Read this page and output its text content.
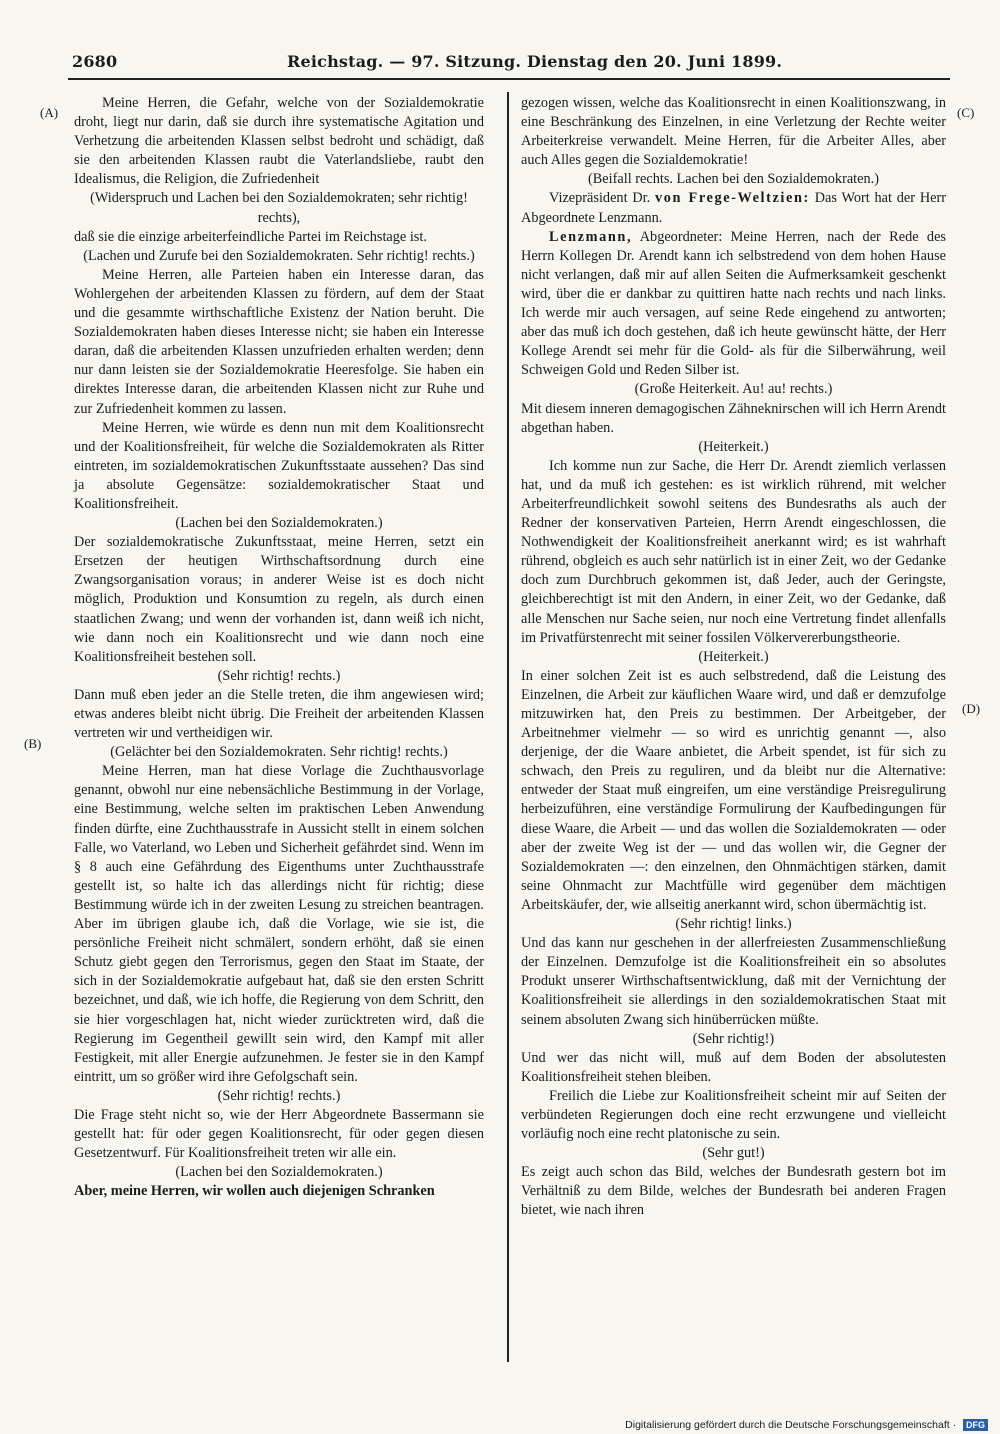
2680	Reichstag. — 97. Sitzung. Dienstag den 20. Juni 1899.
(A)
(B)
(C)
(D)

Meine Herren, die Gefahr, welche von der Sozialdemokratie droht, liegt nur darin, daß sie durch ihre systematische Agitation und Verhetzung die arbeitenden Klassen selbst bedroht und schädigt, daß sie den arbeitenden Klassen raubt die Vaterlandsliebe, raubt den Idealismus, die Religion, die Zufriedenheit

(Widerspruch und Lachen bei den Sozialdemokraten; sehr richtig! rechts),

daß sie die einzige arbeiterfeindliche Partei im Reichstage ist.

(Lachen und Zurufe bei den Sozialdemokraten. Sehr richtig! rechts.)

Meine Herren, alle Parteien haben ein Interesse daran, das Wohlergehen der arbeitenden Klassen zu fördern, auf dem der Staat und die gesammte wirthschaftliche Existenz der Nation beruht. Die Sozialdemokraten haben dieses Interesse nicht; sie haben ein Interesse daran, daß die arbeitenden Klassen unzufrieden erhalten werden; denn nur dann leisten sie der Sozialdemokratie Heeresfolge. Sie haben ein direktes Interesse daran, die arbeitenden Klassen nicht zur Ruhe und zur Zufriedenheit kommen zu lassen.

Meine Herren, wie würde es denn nun mit dem Koalitionsrecht und der Koalitionsfreiheit, für welche die Sozialdemokraten als Ritter eintreten, im sozialdemokratischen Zukunftsstaate aussehen? Das sind ja absolute Gegensätze: sozialdemokratischer Staat und Koalitionsfreiheit.

(Lachen bei den Sozialdemokraten.)

Der sozialdemokratische Zukunftsstaat, meine Herren, setzt ein Ersetzen der heutigen Wirthschaftsordnung durch eine Zwangsorganisation voraus; in anderer Weise ist es doch nicht möglich, Produktion und Konsumtion zu regeln, als durch einen staatlichen Zwang; und wenn der vorhanden ist, dann weiß ich nicht, wie dann noch ein Koalitionsrecht und wie dann noch eine Koalitionsfreiheit bestehen soll.

(Sehr richtig! rechts.)

Dann muß eben jeder an die Stelle treten, die ihm angewiesen wird; etwas anderes bleibt nicht übrig. Die Freiheit der arbeitenden Klassen vertreten wir und vertheidigen wir.

(Gelächter bei den Sozialdemokraten. Sehr richtig! rechts.)

Meine Herren, man hat diese Vorlage die Zuchthausvorlage genannt, obwohl nur eine nebensächliche Bestimmung in der Vorlage, eine Bestimmung, welche selten im praktischen Leben Anwendung finden dürfte, eine Zuchthausstrafe in Aussicht stellt in einem solchen Falle, wo Vaterland, wo Leben und Sicherheit gefährdet sind. Wenn im § 8 auch eine Gefährdung des Eigenthums unter Zuchthausstrafe gestellt ist, so halte ich das allerdings nicht für richtig; diese Bestimmung würde ich in der zweiten Lesung zu streichen beantragen. Aber im übrigen glaube ich, daß die Vorlage, wie sie ist, die persönliche Freiheit nicht schmälert, sondern erhöht, daß sie einen Schutz giebt gegen den Terrorismus, gegen den Staat im Staate, der sich in der Sozialdemokratie aufgebaut hat, daß sie den ersten Schritt bezeichnet, und daß, wie ich hoffe, die Regierung von dem Schritt, den sie hier vorgeschlagen hat, nicht wieder zurücktreten wird, daß die Regierung im Gegentheil gewillt sein wird, den Kampf mit aller Festigkeit, mit aller Energie aufzunehmen. Je fester sie in den Kampf eintritt, um so größer wird ihre Gefolgschaft sein.

(Sehr richtig! rechts.)

Die Frage steht nicht so, wie der Herr Abgeordnete Bassermann sie gestellt hat: für oder gegen Koalitionsrecht, für oder gegen diesen Gesetzentwurf. Für Koalitionsfreiheit treten wir alle ein.

(Lachen bei den Sozialdemokraten.)

Aber, meine Herren, wir wollen auch diejenigen Schranken

gezogen wissen, welche das Koalitionsrecht in einen Koalitionszwang, in eine Beschränkung des Einzelnen, in eine Verletzung der Rechte weiter Arbeiterkreise verwandelt. Meine Herren, für die Arbeiter Alles, aber auch Alles gegen die Sozialdemokratie!

(Beifall rechts. Lachen bei den Sozialdemokraten.)

Vizepräsident Dr. von Frege-Weltzien: Das Wort hat der Herr Abgeordnete Lenzmann.

Lenzmann, Abgeordneter: Meine Herren, nach der Rede des Herrn Kollegen Dr. Arendt kann ich selbstredend von dem hohen Hause nicht verlangen, daß mir auf allen Seiten die Aufmerksamkeit geschenkt wird, über die er dankbar zu quittiren hatte nach rechts und nach links. Ich werde mir auch versagen, auf seine Rede eingehend zu antworten; aber das muß ich doch gestehen, daß ich heute gewünscht hätte, der Herr Kollege Arendt sei mehr für die Gold- als für die Silberwährung, weil Schweigen Gold und Reden Silber ist.

(Große Heiterkeit. Au! au! rechts.)

Mit diesem inneren demagogischen Zähneknirschen will ich Herrn Arendt abgethan haben.

(Heiterkeit.)

Ich komme nun zur Sache, die Herr Dr. Arendt ziemlich verlassen hat, und da muß ich gestehen: es ist wirklich rührend, mit welcher Arbeiterfreundlichkeit sowohl seitens des Bundesraths als auch der Redner der konservativen Parteien, Herrn Arendt eingeschlossen, die Nothwendigkeit der Koalitionsfreiheit anerkannt wird; es ist wahrhaft rührend, obgleich es auch sehr natürlich ist in einer Zeit, wo der Gedanke doch zum Durchbruch gekommen ist, daß Jeder, auch der Geringste, gleichberechtigt ist mit den Andern, in einer Zeit, wo der Gedanke, daß alle Menschen nur Sache seien, nur noch eine Vertretung findet allenfalls im Privatfürstenrecht mit seiner fossilen Völkervererbungstheorie.

(Heiterkeit.)

In einer solchen Zeit ist es auch selbstredend, daß die Leistung des Einzelnen, die Arbeit zur käuflichen Waare wird, und daß er demzufolge mitzuwirken hat, den Preis zu bestimmen. Der Arbeitgeber, der Arbeitnehmer vielmehr — so wird es unrichtig genannt —, also derjenige, der die Waare anbietet, die Arbeit spendet, ist für sich zu schwach, den Preis zu reguliren, und da bleibt nur die Alternative: entweder der Staat muß eingreifen, um eine verständige Preisregulirung herbeizuführen, eine verständige Formulirung der Kaufbedingungen für diese Waare, die Arbeit — und das wollen die Sozialdemokraten — oder aber der zweite Weg ist der — und das wollen wir, die Gegner der Sozialdemokraten —: den einzelnen, den Ohnmächtigen stärken, damit seine Ohnmacht zur Machtfülle wird gegenüber dem mächtigen Arbeitskäufer, der, wie allseitig anerkannt wird, schon übermächtig ist.

(Sehr richtig! links.)

Und das kann nur geschehen in der allerfreiesten Zusammenschließung der Einzelnen. Demzufolge ist die Koalitionsfreiheit ein so absolutes Produkt unserer Wirthschaftsentwicklung, daß mit der Vernichtung der Koalitionsfreiheit sie allerdings in den sozialdemokratischen Staat mit seinem absoluten Zwang sich hinüberrücken müßte.

(Sehr richtig!)

Und wer das nicht will, muß auf dem Boden der absolutesten Koalitionsfreiheit stehen bleiben.

Freilich die Liebe zur Koalitionsfreiheit scheint mir auf Seiten der verbündeten Regierungen doch eine recht erzwungene und vielleicht vorläufig noch eine recht platonische zu sein.

(Sehr gut!)

Es zeigt auch schon das Bild, welches der Bundesrath gestern bot im Verhältniß zu dem Bilde, welches der Bundesrath bei anderen Fragen bietet, wie nach ihren

Digitalisierung gefördert durch die Deutsche Forschungsgemeinschaft · DFG
